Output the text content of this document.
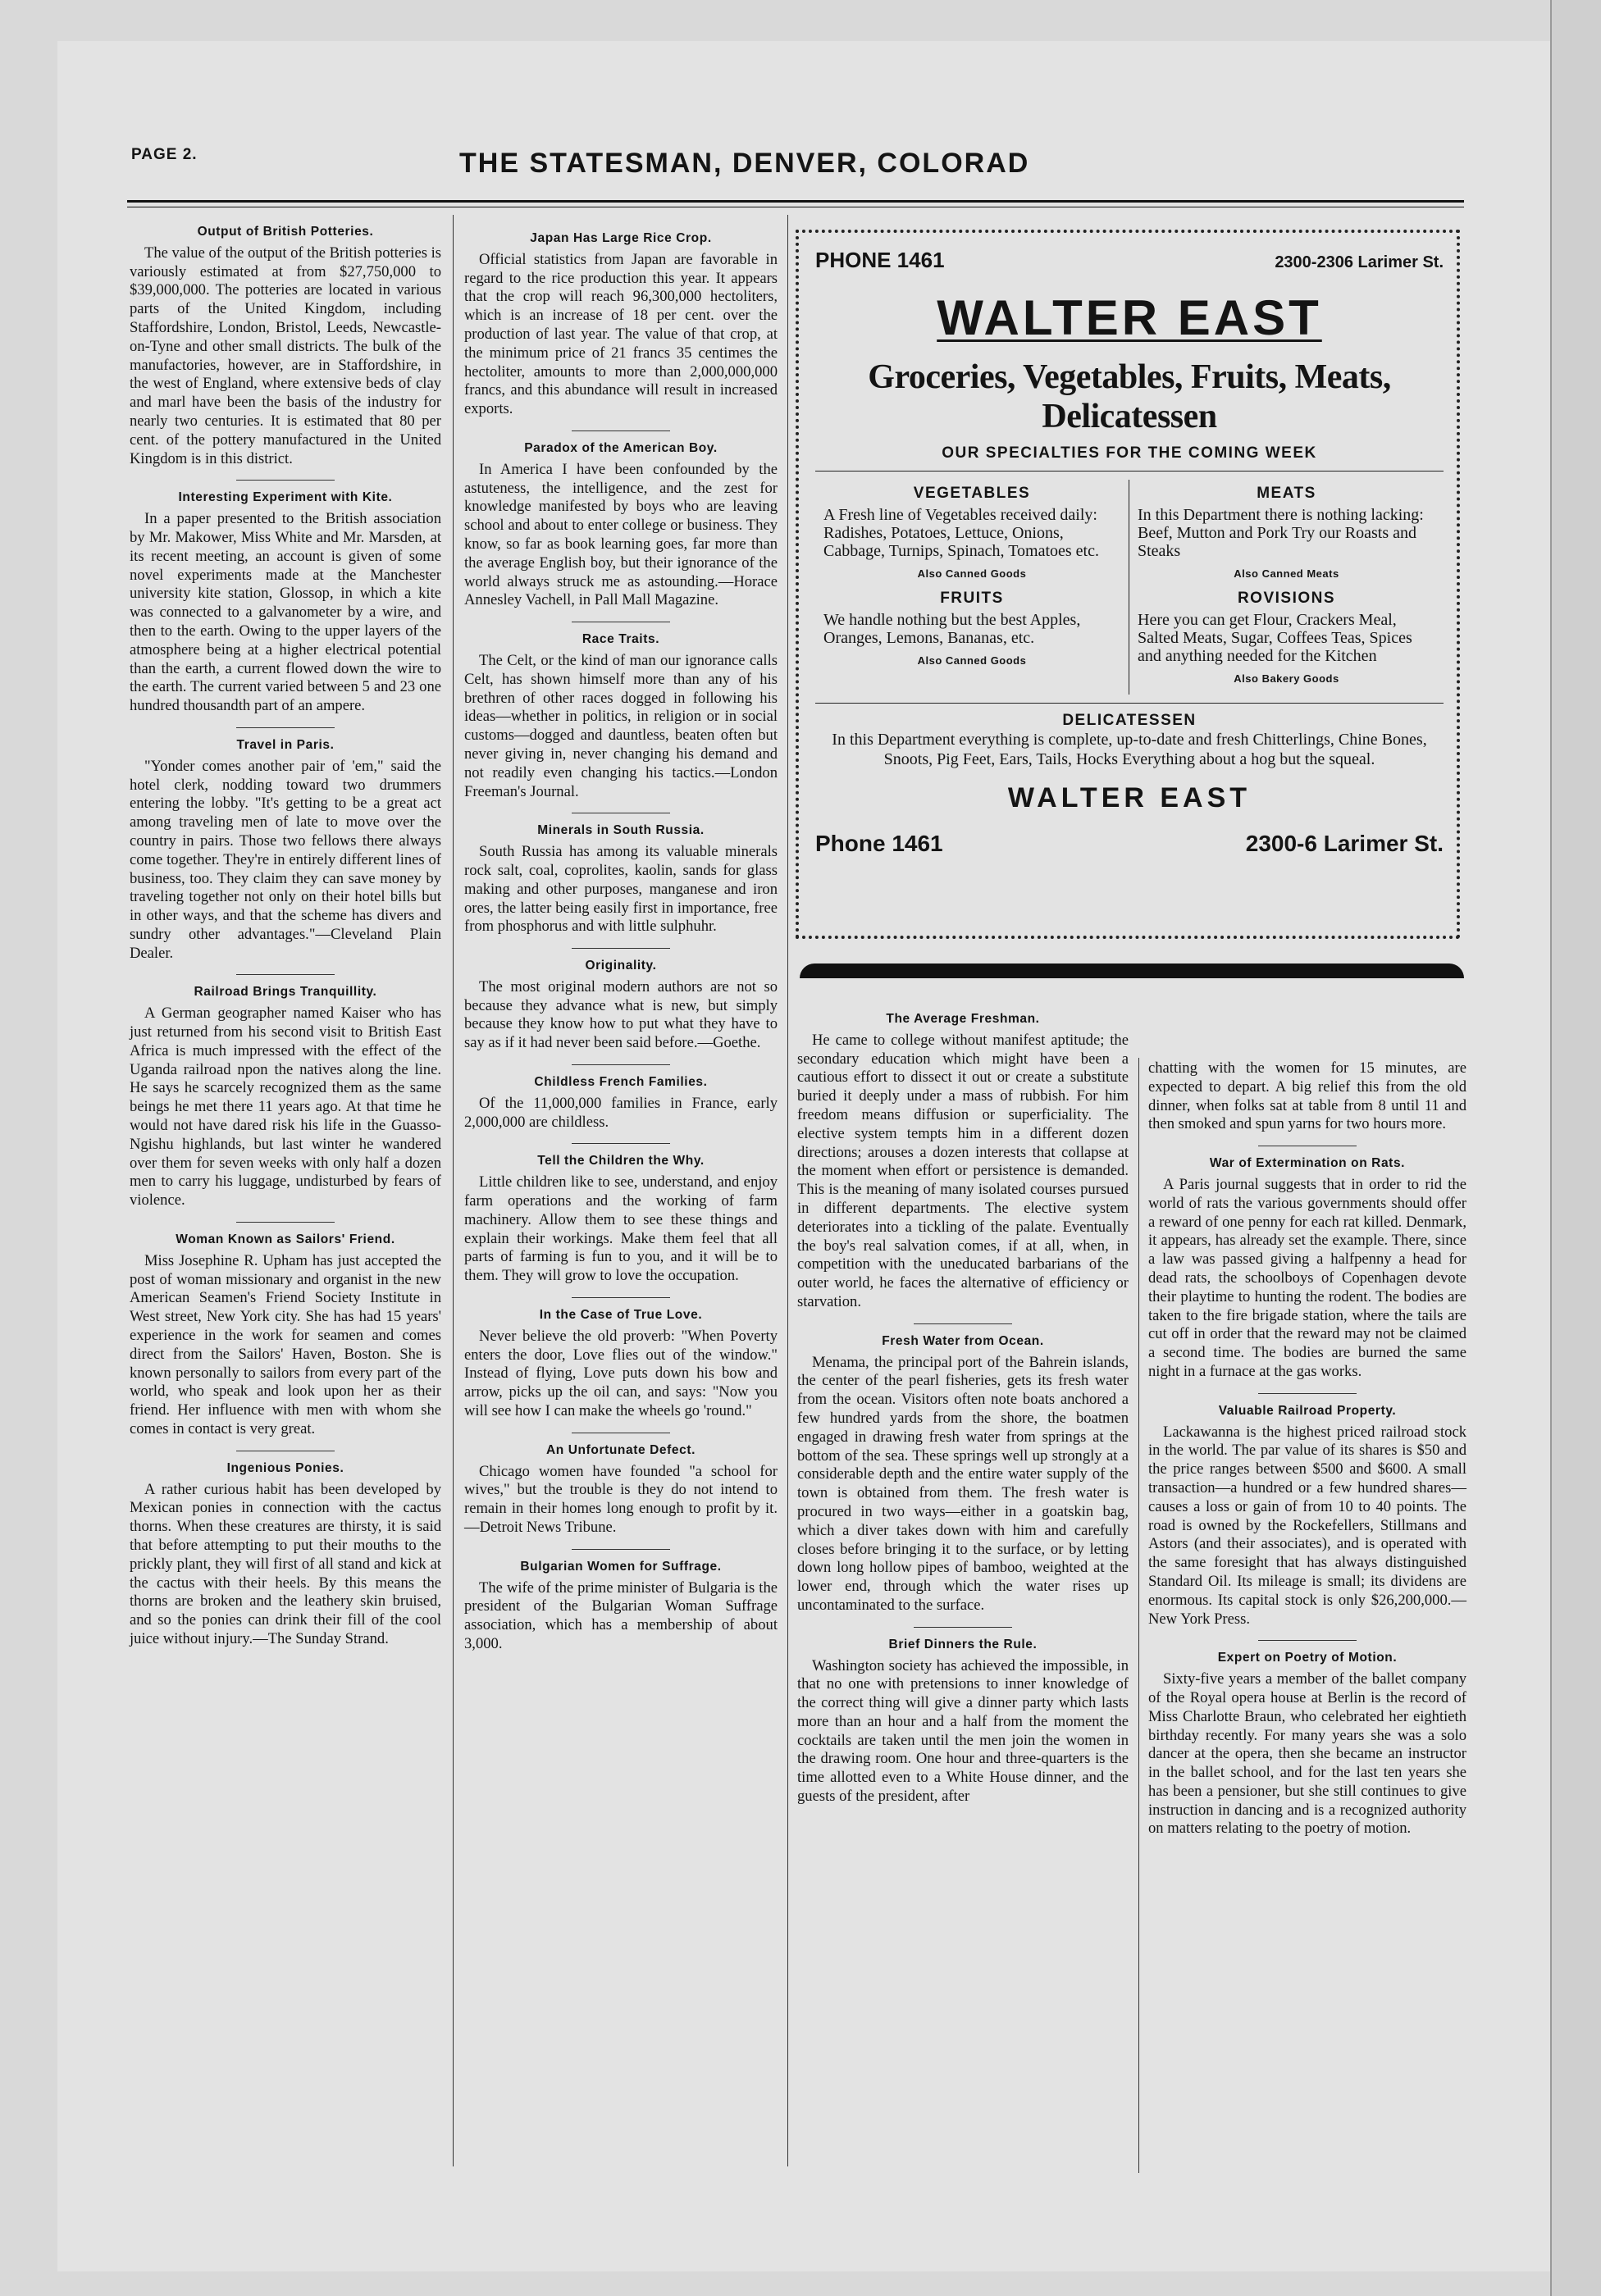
PAGE 2.	THE STATESMAN, DENVER, COLORAD
Output of British Potteries.

The value of the output of the British potteries is variously estimated at from $27,750,000 to $39,000,000. The potteries are located in various parts of the United Kingdom, including Staffordshire, London, Bristol, Leeds, Newcastle-on-Tyne and other small districts. The bulk of the manufactories, however, are in Staffordshire, in the west of England, where extensive beds of clay and marl have been the basis of the industry for nearly two centuries. It is estimated that 80 per cent. of the pottery manufactured in the United Kingdom is in this district.

Interesting Experiment with Kite.

In a paper presented to the British association by Mr. Makower, Miss White and Mr. Marsden, at its recent meeting, an account is given of some novel experiments made at the Manchester university kite station, Glossop, in which a kite was connected to a galvanometer by a wire, and then to the earth. Owing to the upper layers of the atmosphere being at a higher electrical potential than the earth, a current flowed down the wire to the earth. The current varied between 5 and 23 one hundred thousandth part of an ampere.

Travel in Paris.

"Yonder comes another pair of 'em," said the hotel clerk, nodding toward two drummers entering the lobby. "It's getting to be a great act among traveling men of late to move over the country in pairs. Those two fellows there always come together. They're in entirely different lines of business, too. They claim they can save money by traveling together not only on their hotel bills but in other ways, and that the scheme has divers and sundry other advantages."—Cleveland Plain Dealer.

Railroad Brings Tranquillity.

A German geographer named Kaiser who has just returned from his second visit to British East Africa is much impressed with the effect of the Uganda railroad npon the natives along the line. He says he scarcely recognized them as the same beings he met there 11 years ago. At that time he would not have dared risk his life in the Guasso-Ngishu highlands, but last winter he wandered over them for seven weeks with only half a dozen men to carry his luggage, undisturbed by fears of violence.

Woman Known as Sailors' Friend.

Miss Josephine R. Upham has just accepted the post of woman missionary and organist in the new American Seamen's Friend Society Institute in West street, New York city. She has had 15 years' experience in the work for seamen and comes direct from the Sailors' Haven, Boston. She is known personally to sailors from every part of the world, who speak and look upon her as their friend. Her influence with men with whom she comes in contact is very great.

Ingenious Ponies.

A rather curious habit has been developed by Mexican ponies in connection with the cactus thorns. When these creatures are thirsty, it is said that before attempting to put their mouths to the prickly plant, they will first of all stand and kick at the cactus with their heels. By this means the thorns are broken and the leathery skin bruised, and so the ponies can drink their fill of the cool juice without injury.—The Sunday Strand.

Japan Has Large Rice Crop.

Official statistics from Japan are favorable in regard to the rice production this year. It appears that the crop will reach 96,300,000 hectoliters, which is an increase of 18 per cent. over the production of last year. The value of that crop, at the minimum price of 21 francs 35 centimes the hectoliter, amounts to more than 2,000,000,000 francs, and this abundance will result in increased exports.

Paradox of the American Boy.

In America I have been confounded by the astuteness, the intelligence, and the zest for knowledge manifested by boys who are leaving school and about to enter college or business. They know, so far as book learning goes, far more than the average English boy, but their ignorance of the world always struck me as astounding.—Horace Annesley Vachell, in Pall Mall Magazine.

Race Traits.

The Celt, or the kind of man our ignorance calls Celt, has shown himself more than any of his brethren of other races dogged in following his ideas—whether in politics, in religion or in social customs—dogged and dauntless, beaten often but never giving in, never changing his demand and not readily even changing his tactics.—London Freeman's Journal.

Minerals in South Russia.

South Russia has among its valuable minerals rock salt, coal, coprolites, kaolin, sands for glass making and other purposes, manganese and iron ores, the latter being easily first in importance, free from phosphorus and with little sulphuhr.

Originality.

The most original modern authors are not so because they advance what is new, but simply because they know how to put what they have to say as if it had never been said before.—Goethe.

Childless French Families.

Of the 11,000,000 families in France, early 2,000,000 are childless.

Tell the Children the Why.

Little children like to see, understand, and enjoy farm operations and the working of farm machinery. Allow them to see these things and explain their workings. Make them feel that all parts of farming is fun to you, and it will be to them. They will grow to love the occupation.

In the Case of True Love.

Never believe the old proverb: "When Poverty enters the door, Love flies out of the window." Instead of flying, Love puts down his bow and arrow, picks up the oil can, and says: "Now you will see how I can make the wheels go 'round."

An Unfortunate Defect.

Chicago women have founded "a school for wives," but the trouble is they do not intend to remain in their homes long enough to profit by it.—Detroit News Tribune.

Bulgarian Women for Suffrage.

The wife of the prime minister of Bulgaria is the president of the Bulgarian Woman Suffrage association, which has a membership of about 3,000.

PHONE 1461	2300-2306 Larimer St.
WALTER EAST
Groceries, Vegetables, Fruits, Meats, Delicatessen
OUR SPECIALTIES FOR THE COMING WEEK
VEGETABLES
A Fresh line of Vegetables received daily: Radishes, Potatoes, Lettuce, Onions, Cabbage, Turnips, Spinach, Tomatoes etc.
Also Canned Goods
FRUITS
We handle nothing but the best Apples, Oranges, Lemons, Bananas, etc.
Also Canned Goods
MEATS
In this Department there is nothing lacking: Beef, Mutton and Pork Try our Roasts and Steaks
Also Canned Meats
ROVISIONS
Here you can get Flour, Crackers Meal, Salted Meats, Sugar, Coffees Teas, Spices and anything needed for the Kitchen
Also Bakery Goods
DELICATESSEN
In this Department everything is complete, up-to-date and fresh Chitterlings, Chine Bones, Snoots, Pig Feet, Ears, Tails, Hocks Everything about a hog but the squeal.
WALTER EAST
Phone 1461	2300-6 Larimer St.
The Average Freshman.

He came to college without manifest aptitude; the secondary education which might have been a cautious effort to dissect it out or create a substitute buried it deeply under a mass of rubbish. For him freedom means diffusion or superficiality. The elective system tempts him in a different dozen directions; arouses a dozen interests that collapse at the moment when effort or persistence is demanded. This is the meaning of many isolated courses pursued in different departments. The elective system deteriorates into a tickling of the palate. Eventually the boy's real salvation comes, if at all, when, in competition with the uneducated barbarians of the outer world, he faces the alternative of efficiency or starvation.

Fresh Water from Ocean.

Menama, the principal port of the Bahrein islands, the center of the pearl fisheries, gets its fresh water from the ocean. Visitors often note boats anchored a few hundred yards from the shore, the boatmen engaged in drawing fresh water from springs at the bottom of the sea. These springs well up strongly at a considerable depth and the entire water supply of the town is obtained from them. The fresh water is procured in two ways—either in a goatskin bag, which a diver takes down with him and carefully closes before bringing it to the surface, or by letting down long hollow pipes of bamboo, weighted at the lower end, through which the water rises up uncontaminated to the surface.

Brief Dinners the Rule.

Washington society has achieved the impossible, in that no one with pretensions to inner knowledge of the correct thing will give a dinner party which lasts more than an hour and a half from the moment the cocktails are taken until the men join the women in the drawing room. One hour and three-quarters is the time allotted even to a White House dinner, and the guests of the president, after

chatting with the women for 15 minutes, are expected to depart. A big relief this from the old dinner, when folks sat at table from 8 until 11 and then smoked and spun yarns for two hours more.

War of Extermination on Rats.

A Paris journal suggests that in order to rid the world of rats the various governments should offer a reward of one penny for each rat killed. Denmark, it appears, has already set the example. There, since a law was passed giving a halfpenny a head for dead rats, the schoolboys of Copenhagen devote their playtime to hunting the rodent. The bodies are taken to the fire brigade station, where the tails are cut off in order that the reward may not be claimed a second time. The bodies are burned the same night in a furnace at the gas works.

Valuable Railroad Property.

Lackawanna is the highest priced railroad stock in the world. The par value of its shares is $50 and the price ranges between $500 and $600. A small transaction—a hundred or a few hundred shares—causes a loss or gain of from 10 to 40 points. The road is owned by the Rockefellers, Stillmans and Astors (and their associates), and is operated with the same foresight that has always distinguished Standard Oil. Its mileage is small; its dividens are enormous. Its capital stock is only $26,200,000.—New York Press.

Expert on Poetry of Motion.

Sixty-five years a member of the ballet company of the Royal opera house at Berlin is the record of Miss Charlotte Braun, who celebrated her eightieth birthday recently. For many years she was a solo dancer at the opera, then she became an instructor in the ballet school, and for the last ten years she has been a pensioner, but she still continues to give instruction in dancing and is a recognized authority on matters relating to the poetry of motion.
